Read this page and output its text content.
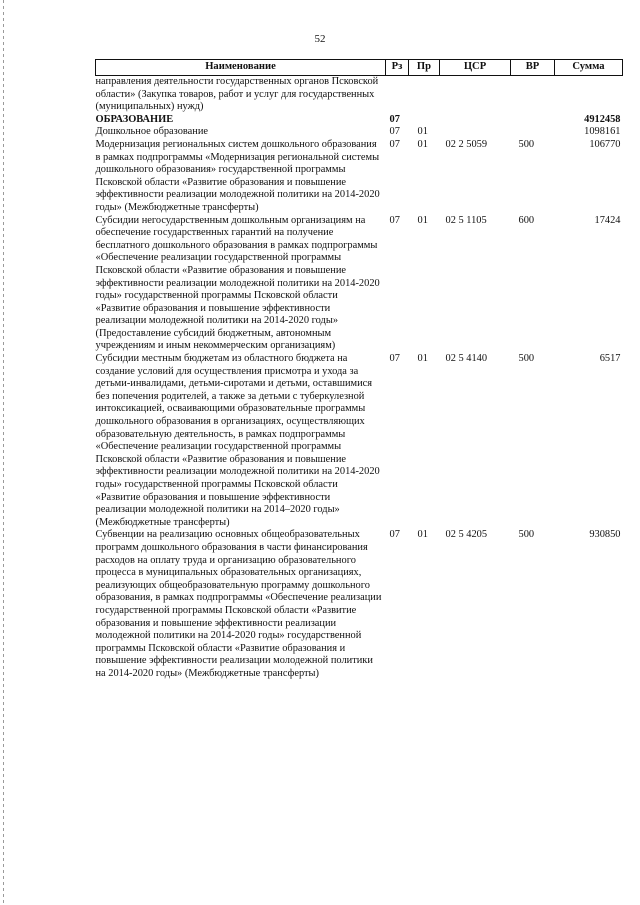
52
Наименование	Рз	Пр	ЦСР	ВР	Сумма
направления деятельности государственных органов Псковской области» (Закупка товаров, работ и услуг для государственных (муниципальных) нужд)					
ОБРАЗОВАНИЕ	07				4912458
Дошкольное образование	07	01			1098161
Модернизация региональных систем дошкольного образования в рамках подпрограммы «Модернизация региональной системы дошкольного образования» государственной программы Псковской области «Развитие образования и повышение эффективности реализации молодежной политики на 2014-2020 годы» (Межбюджетные трансферты)	07	01	02 2 5059	500	106770
Субсидии негосударственным дошкольным организациям на обеспечение государственных гарантий на получение бесплатного дошкольного образования в рамках подпрограммы «Обеспечение реализации государственной программы Псковской области «Развитие образования и повышение эффективности реализации молодежной политики на 2014-2020 годы» государственной программы Псковской области «Развитие образования и повышение эффективности реализации молодежной политики на 2014-2020 годы» (Предоставление субсидий бюджетным, автономным учреждениям и иным некоммерческим организациям)	07	01	02 5 1105	600	17424
Субсидии местным бюджетам из областного бюджета на создание условий для осуществления присмотра и ухода за детьми-инвалидами, детьми-сиротами и детьми, оставшимися без попечения родителей, а также за детьми с туберкулезной интоксикацией, осваивающими образовательные программы дошкольного образования в организациях, осуществляющих образовательную деятельность, в рамках подпрограммы «Обеспечение реализации государственной программы Псковской области «Развитие образования и повышение эффективности реализации молодежной политики на 2014-2020 годы» государственной программы Псковской области «Развитие образования и повышение эффективности реализации молодежной политики на 2014–2020 годы» (Межбюджетные трансферты)	07	01	02 5 4140	500	6517
Субвенции на реализацию основных общеобразовательных программ дошкольного образования в части финансирования расходов на оплату труда и организацию образовательного процесса в муниципальных образовательных организациях, реализующих общеобразовательную программу дошкольного образования, в рамках подпрограммы «Обеспечение реализации государственной программы Псковской области «Развитие образования и повышение эффективности реализации молодежной политики на 2014-2020 годы» государственной программы Псковской области «Развитие образования и повышение эффективности реализации молодежной политики на 2014-2020 годы» (Межбюджетные трансферты)	07	01	02 5 4205	500	930850
